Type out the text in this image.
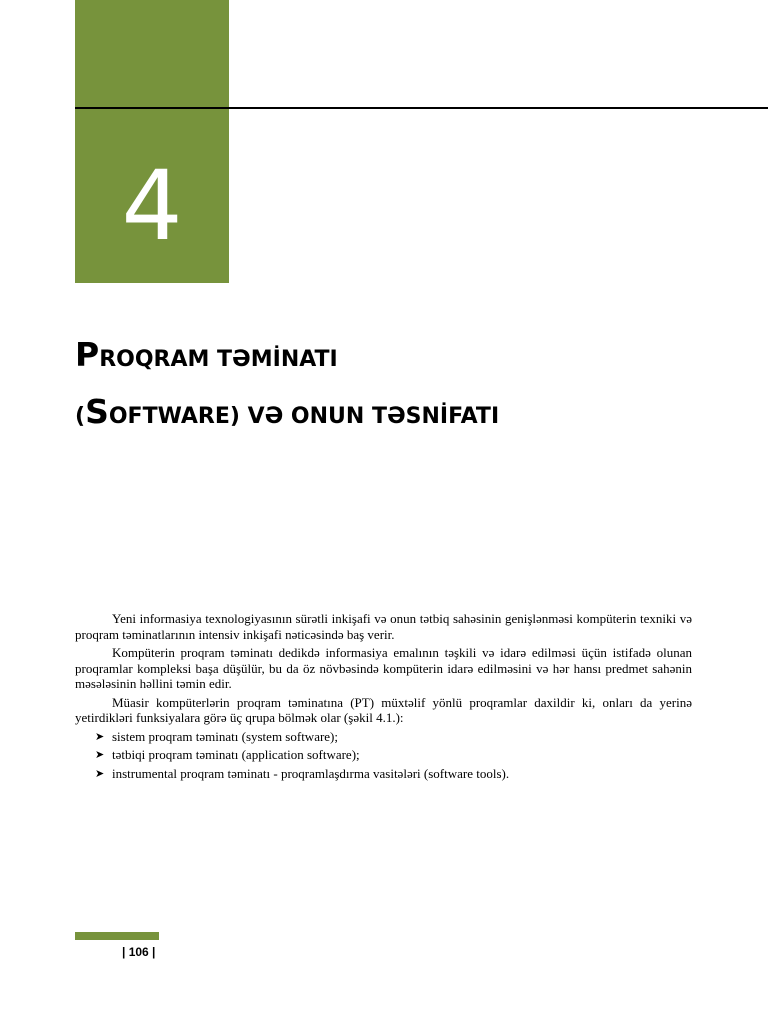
4
PROQRAM TƏMİNATI
(SOFTWARE) VƏ ONUN TƏSNİFATI

Yeni informasiya texnologiyasının sürətli inkişafi və onun tətbiq sahəsinin genişlənməsi kompüterin texniki və proqram təminatlarının intensiv inkişafi nəticəsində baş verir.

Kompüterin proqram təminatı dedikdə informasiya emalının təşkili və idarə edilməsi üçün istifadə olunan proqramlar kompleksi başa düşülür, bu da öz növbəsində kompüterin idarə edilməsini və hər hansı predmet sahənin məsələsinin həllini təmin edir.

Müasir kompüterlərin proqram təminatına (PT) müxtəlif yönlü proqramlar daxildir ki, onları da yerinə yetirdikləri funksiyalara görə üç qrupa bölmək olar (şəkil 4.1.):

➤ sistem proqram təminatı (system software);
➤ tətbiqi proqram təminatı (application software);
➤ instrumental proqram təminatı - proqramlaşdırma vasitələri (software tools).
| 106 |
